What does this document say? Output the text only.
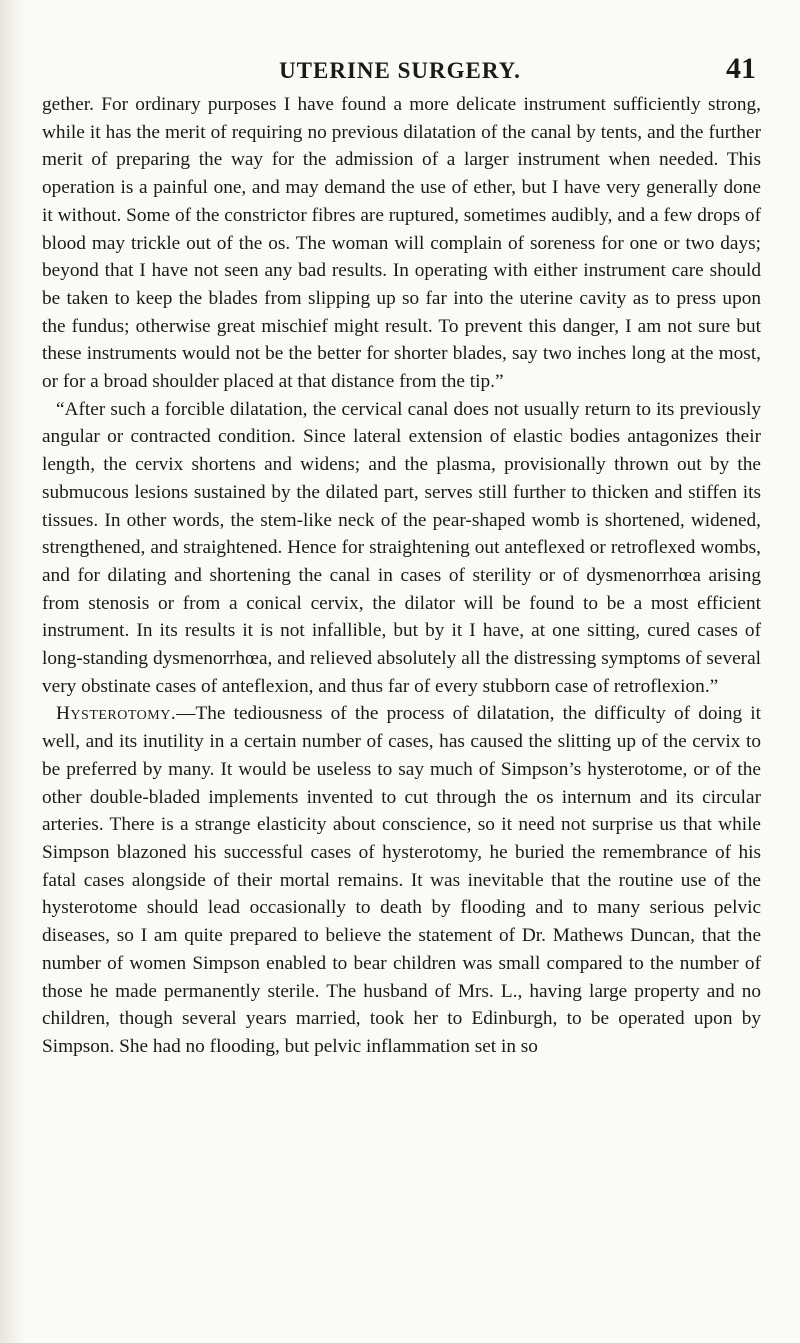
UTERINE SURGERY.	41

gether. For ordinary purposes I have found a more delicate instrument sufficiently strong, while it has the merit of requiring no previous dilatation of the canal by tents, and the further merit of preparing the way for the admission of a larger instrument when needed. This operation is a painful one, and may demand the use of ether, but I have very generally done it without. Some of the constrictor fibres are ruptured, sometimes audibly, and a few drops of blood may trickle out of the os. The woman will complain of soreness for one or two days; beyond that I have not seen any bad results. In operating with either instrument care should be taken to keep the blades from slipping up so far into the uterine cavity as to press upon the fundus; otherwise great mischief might result. To prevent this danger, I am not sure but these instruments would not be the better for shorter blades, say two inches long at the most, or for a broad shoulder placed at that distance from the tip.”

“After such a forcible dilatation, the cervical canal does not usually return to its previously angular or contracted condition. Since lateral extension of elastic bodies antagonizes their length, the cervix shortens and widens; and the plasma, provisionally thrown out by the submucous lesions sustained by the dilated part, serves still further to thicken and stiffen its tissues. In other words, the stem-like neck of the pear-shaped womb is shortened, widened, strengthened, and straightened. Hence for straightening out anteflexed or retroflexed wombs, and for dilating and shortening the canal in cases of sterility or of dysmenorrhœa arising from stenosis or from a conical cervix, the dilator will be found to be a most efficient instrument. In its results it is not infallible, but by it I have, at one sitting, cured cases of long-standing dysmenorrhœa, and relieved absolutely all the distressing symptoms of several very obstinate cases of anteflexion, and thus far of every stubborn case of retroflexion.”

Hysterotomy.—The tediousness of the process of dilatation, the difficulty of doing it well, and its inutility in a certain number of cases, has caused the slitting up of the cervix to be preferred by many. It would be useless to say much of Simpson’s hysterotome, or of the other double-bladed implements invented to cut through the os internum and its circular arteries. There is a strange elasticity about conscience, so it need not surprise us that while Simpson blazoned his successful cases of hysterotomy, he buried the remembrance of his fatal cases alongside of their mortal remains. It was inevitable that the routine use of the hysterotome should lead occasionally to death by flooding and to many serious pelvic diseases, so I am quite prepared to believe the statement of Dr. Mathews Duncan, that the number of women Simpson enabled to bear children was small compared to the number of those he made permanently sterile. The husband of Mrs. L., having large property and no children, though several years married, took her to Edinburgh, to be operated upon by Simpson. She had no flooding, but pelvic inflammation set in so
